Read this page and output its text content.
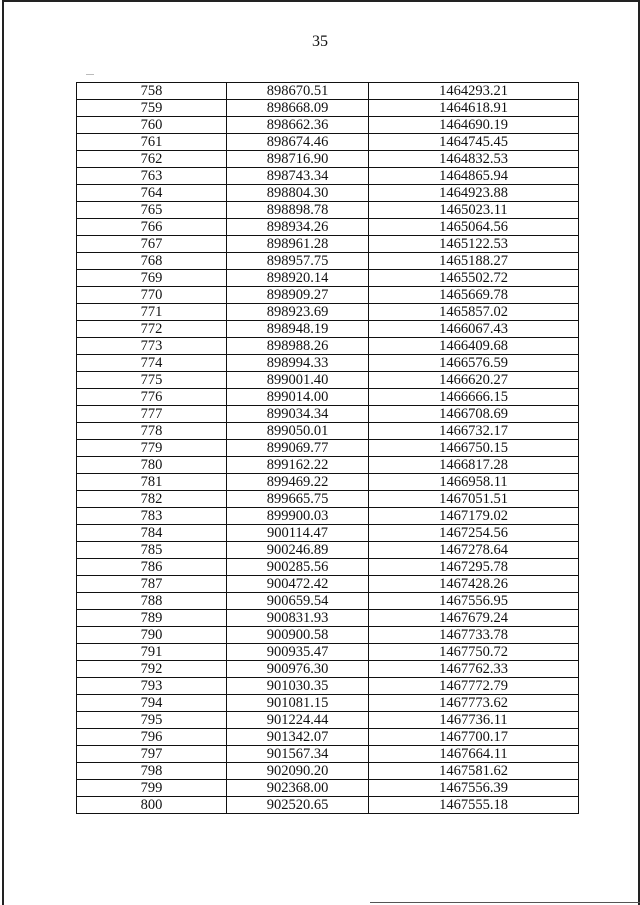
35
758	898670.51	1464293.21
759	898668.09	1464618.91
760	898662.36	1464690.19
761	898674.46	1464745.45
762	898716.90	1464832.53
763	898743.34	1464865.94
764	898804.30	1464923.88
765	898898.78	1465023.11
766	898934.26	1465064.56
767	898961.28	1465122.53
768	898957.75	1465188.27
769	898920.14	1465502.72
770	898909.27	1465669.78
771	898923.69	1465857.02
772	898948.19	1466067.43
773	898988.26	1466409.68
774	898994.33	1466576.59
775	899001.40	1466620.27
776	899014.00	1466666.15
777	899034.34	1466708.69
778	899050.01	1466732.17
779	899069.77	1466750.15
780	899162.22	1466817.28
781	899469.22	1466958.11
782	899665.75	1467051.51
783	899900.03	1467179.02
784	900114.47	1467254.56
785	900246.89	1467278.64
786	900285.56	1467295.78
787	900472.42	1467428.26
788	900659.54	1467556.95
789	900831.93	1467679.24
790	900900.58	1467733.78
791	900935.47	1467750.72
792	900976.30	1467762.33
793	901030.35	1467772.79
794	901081.15	1467773.62
795	901224.44	1467736.11
796	901342.07	1467700.17
797	901567.34	1467664.11
798	902090.20	1467581.62
799	902368.00	1467556.39
800	902520.65	1467555.18
